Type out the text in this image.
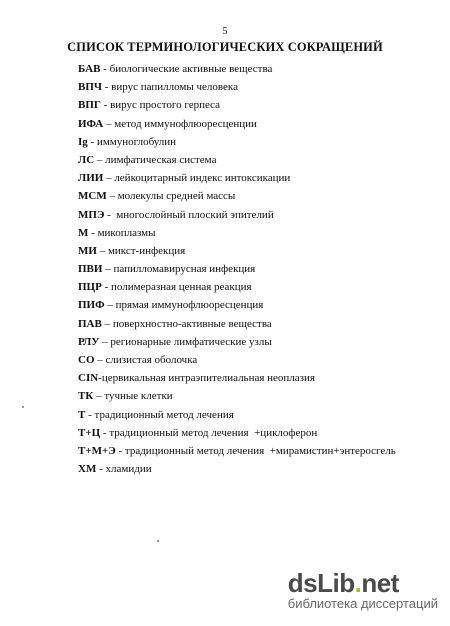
5
СПИСОК ТЕРМИНОЛОГИЧЕСКИХ СОКРАЩЕНИЙ
БАВ - биологические активные вещества
ВПЧ - вирус папилломы человека
ВПГ - вирус простого герпеса
ИФА – метод иммунофлюоресценции
Ig - иммуноглобулин
ЛС – лимфатическая система
ЛИИ – лейкоцитарный индекс интоксикации
МСМ – молекулы средней массы
МПЭ -  многослойный плоский эпителий
М - микоплазмы
МИ – микст-инфекция
ПВИ – папилломавирусная инфекция
ПЦР - полимеразная ценная реакция
ПИФ – прямая иммунофлюоресценция
ПАВ – поверхностно-активные вещества
РЛУ – регионарные лимфатические узлы
СО – слизистая оболочка
CIN-цервикальная интраэпителиальная неоплазия
ТК – тучные клетки
Т - традиционный метод лечения
Т+Ц - традиционный метод лечения  +циклоферон
Т+М+Э - традиционный метод лечения  +мирамистин+энтеросгель
ХМ - хламидии
dsLib.net
библиотека диссертаций
